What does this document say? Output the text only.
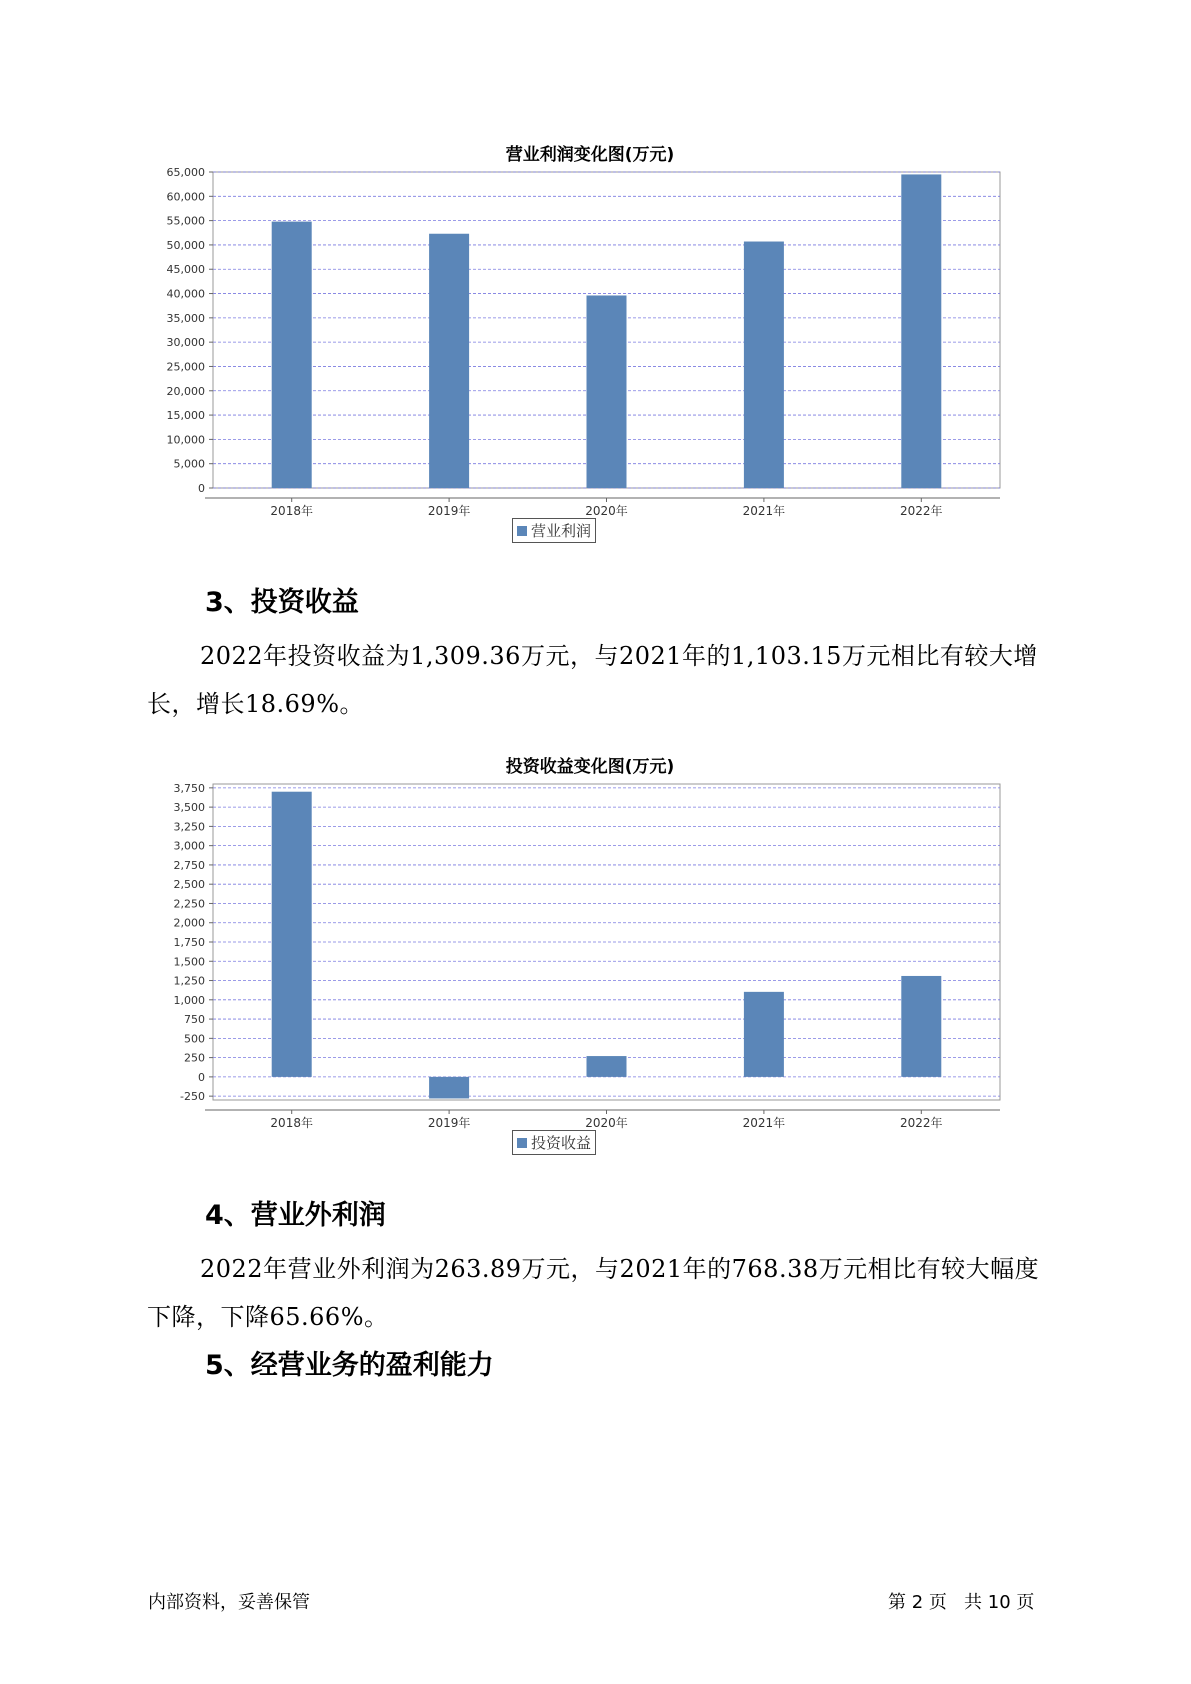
营业利润变化图(万元)
0
5,000
10,000
15,000
20,000
25,000
30,000
35,000
40,000
45,000
50,000
55,000
60,000
65,000
2018年	2019年	2020年	2021年	2022年
营业利润
3、投资收益
2022年投资收益为1,309.36万元，与2021年的1,103.15万元相比有较大增长，增长18.69%。
投资收益变化图(万元)
-250
0
250
500
750
1,000
1,250
1,500
1,750
2,000
2,250
2,500
2,750
3,000
3,250
3,500
3,750
2018年	2019年	2020年	2021年	2022年
投资收益
4、营业外利润
2022年营业外利润为263.89万元，与2021年的768.38万元相比有较大幅度下降，下降65.66%。
5、经营业务的盈利能力
内部资料，妥善保管	第 2 页   共 10 页
